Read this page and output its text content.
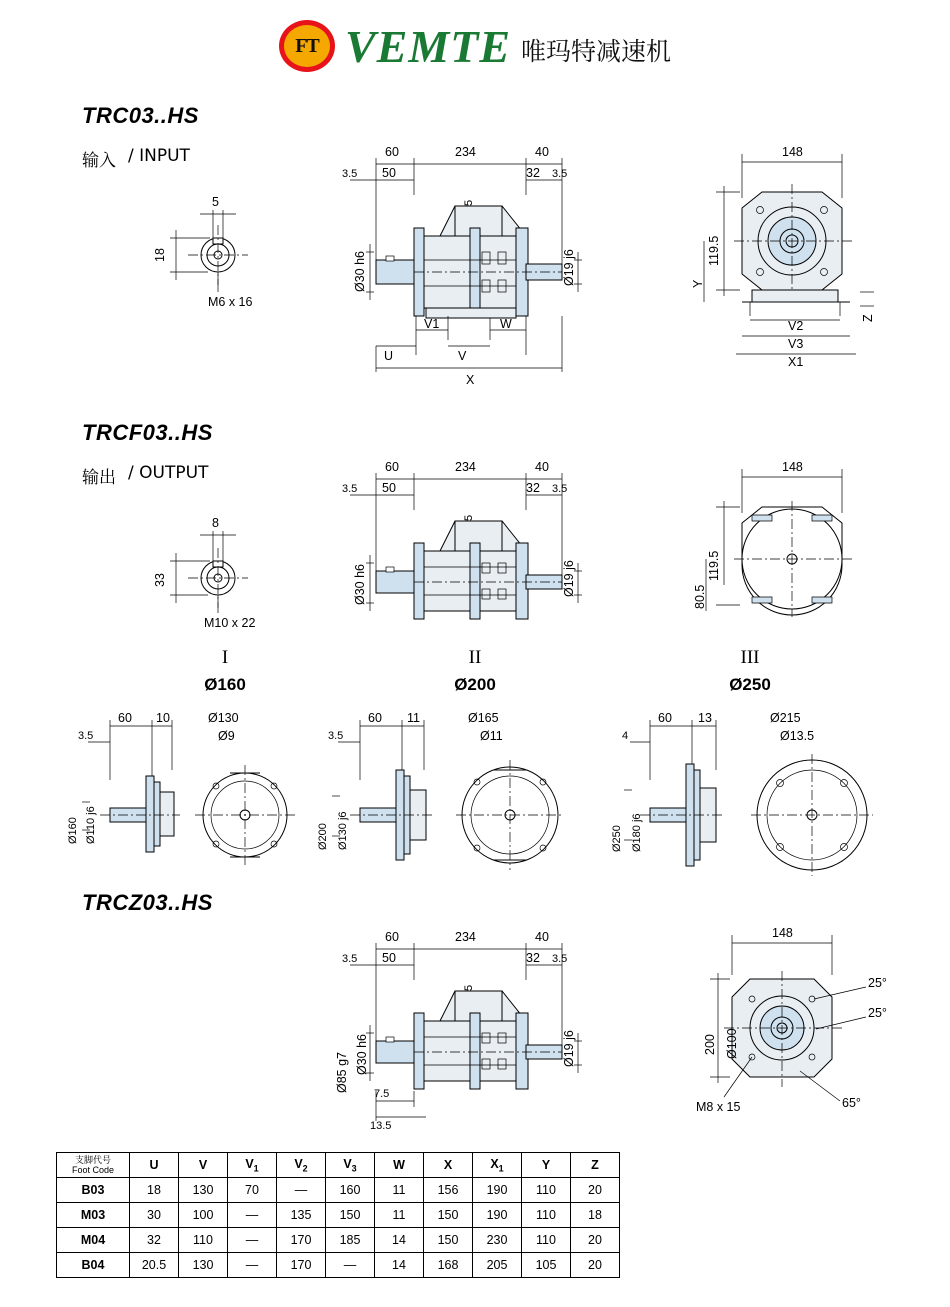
FT VEMTE 唯玛特减速机
TRC03..HS
输入 / INPUT
5
18
M6 x 16
60	234	40
3.5 50	32 3.5
Ø30 h6	Ø19 j6
5
V1	W
U	V
X
148
119.5
Y
V2
V3
X1
Z
TRCF03..HS
输出 / OUTPUT
8
33
M10 x 22
60	234	40
3.5 50	32 3.5
Ø30 h6	Ø19 j6
5
148
119.5
80.5
I
Ø160
II
Ø200
III
Ø250
60 10
3.5
Ø130
Ø9
Ø160 Ø110 j6
60 11
3.5
Ø165
Ø11
Ø200 Ø130 j6
60 13
4
Ø215
Ø13.5
Ø250 Ø180 j6
TRCZ03..HS
60	234	40
3.5 50	32 3.5
Ø30 h6
Ø85 g7
Ø19 j6
5
7.5
13.5
148
200 Ø100
25°
25°
65°
M8 x 15
支脚代号
Foot Code	U	V	$V_1$	$V_2$	$V_3$	W	X	$X_1$	Y	Z
B03	18	130	70	—	160	11	156	190	110	20
M03	30	100	—	135	150	11	150	190	110	18
M04	32	110	—	170	185	14	150	230	110	20
B04	20.5	130	—	170	—	14	168	205	105	20
